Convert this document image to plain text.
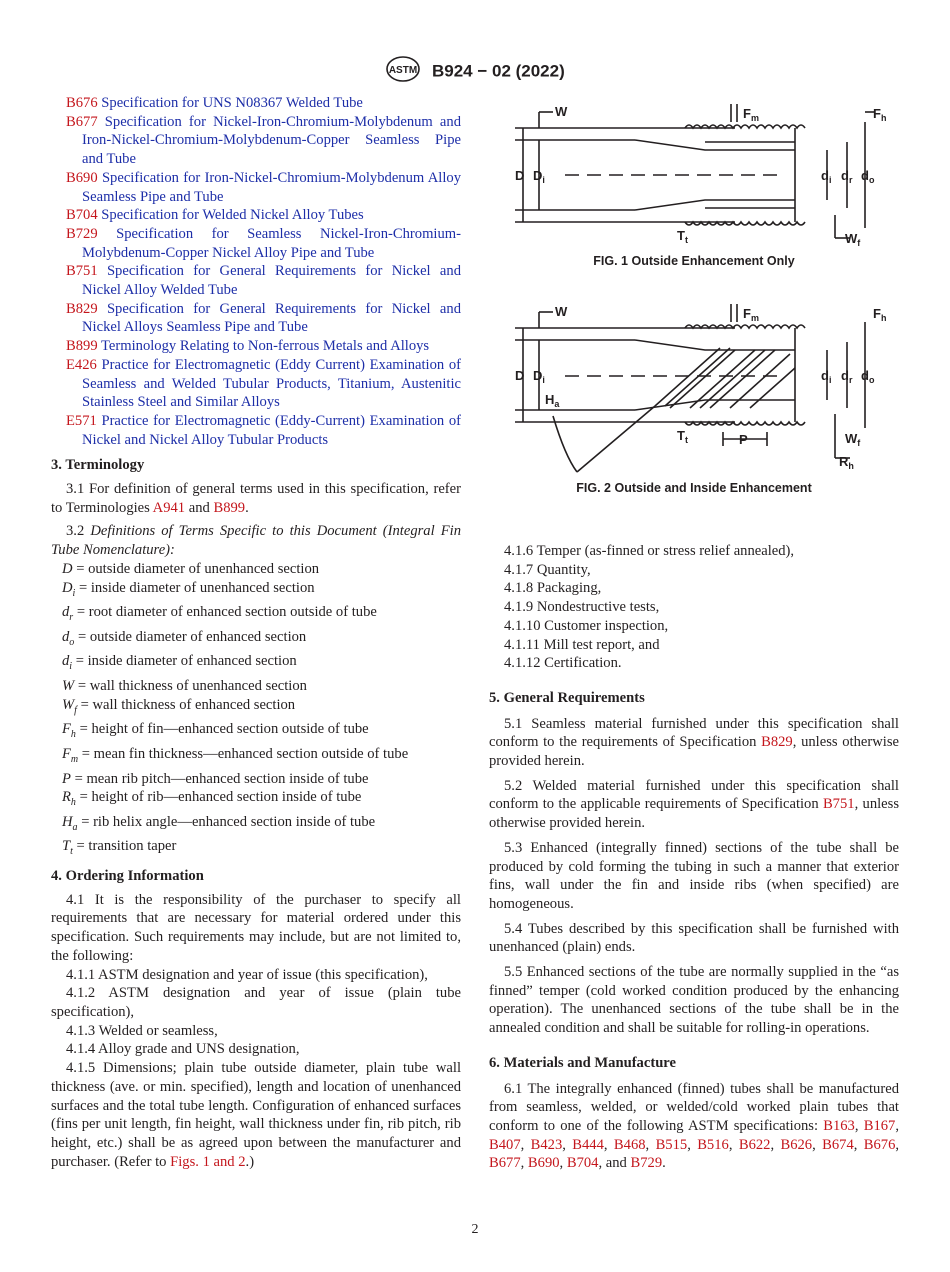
ASTM B924 − 02 (2022)
B676 Specification for UNS N08367 Welded Tube
B677 Specification for Nickel-Iron-Chromium-Molybdenum and Iron-Nickel-Chromium-Molybdenum-Copper Seamless Pipe and Tube
B690 Specification for Iron-Nickel-Chromium-Molybdenum Alloy Seamless Pipe and Tube
B704 Specification for Welded Nickel Alloy Tubes
B729 Specification for Seamless Nickel-Iron-Chromium-Molybdenum-Copper Nickel Alloy Pipe and Tube
B751 Specification for General Requirements for Nickel and Nickel Alloy Welded Tube
B829 Specification for General Requirements for Nickel and Nickel Alloys Seamless Pipe and Tube
B899 Terminology Relating to Non-ferrous Metals and Alloys
E426 Practice for Electromagnetic (Eddy Current) Examination of Seamless and Welded Tubular Products, Titanium, Austenitic Stainless Steel and Similar Alloys
E571 Practice for Electromagnetic (Eddy-Current) Examination of Nickel and Nickel Alloy Tubular Products

3. Terminology

3.1 For definition of general terms used in this specification, refer to Terminologies A941 and B899.

3.2 Definitions of Terms Specific to this Document (Integral Fin Tube Nomenclature):

D = outside diameter of unenhanced section

$D_i$ = inside diameter of unenhanced section

$d_r$ = root diameter of enhanced section outside of tube

$d_o$ = outside diameter of enhanced section

$d_i$ = inside diameter of enhanced section

W = wall thickness of unenhanced section

$W_f$ = wall thickness of enhanced section

$F_h$ = height of fin—enhanced section outside of tube

$F_m$ = mean fin thickness—enhanced section outside of tube

P = mean rib pitch—enhanced section inside of tube

$R_h$ = height of rib—enhanced section inside of tube

$H_a$ = rib helix angle—enhanced section inside of tube

$T_t$ = transition taper

4. Ordering Information

4.1 It is the responsibility of the purchaser to specify all requirements that are necessary for material ordered under this specification. Such requirements may include, but are not limited to, the following:

4.1.1 ASTM designation and year of issue (this specification),

4.1.2 ASTM designation and year of issue (plain tube specification),

4.1.3 Welded or seamless,

4.1.4 Alloy grade and UNS designation,

4.1.5 Dimensions; plain tube outside diameter, plain tube wall thickness (ave. or min. specified), length and location of unenhanced surfaces and the total tube length. Configuration of enhanced surfaces (fins per unit length, fin height, wall thickness under fin, rib pitch, rib height, etc.) shall be as agreed upon between the manufacturer and purchaser. (Refer to Figs. 1 and 2.)

W	$F_m$	$F_h$
D $D_i$	$d_i$ $d_r$ $d_o$
$T_t$	$W_f$
FIG. 1 Outside Enhancement Only
W	$F_m$	$F_h$
D $D_i$
$H_a$
$d_i$ $d_r$ $d_o$
$T_t$	P	$W_f$
$R_h$
FIG. 2 Outside and Inside Enhancement

4.1.6 Temper (as-finned or stress relief annealed),

4.1.7 Quantity,

4.1.8 Packaging,

4.1.9 Nondestructive tests,

4.1.10 Customer inspection,

4.1.11 Mill test report, and

4.1.12 Certification.

5. General Requirements

5.1 Seamless material furnished under this specification shall conform to the requirements of Specification B829, unless otherwise provided herein.

5.2 Welded material furnished under this specification shall conform to the applicable requirements of Specification B751, unless otherwise provided herein.

5.3 Enhanced (integrally finned) sections of the tube shall be produced by cold forming the tubing in such a manner that exterior fins, wall under the fin and inside ribs (when specified) are homogeneous.

5.4 Tubes described by this specification shall be furnished with unenhanced (plain) ends.

5.5 Enhanced sections of the tube are normally supplied in the “as finned” temper (cold worked condition produced by the enhancing operation). The unenhanced sections of the tube shall be in the annealed condition and shall be suitable for rolling-in operations.

6. Materials and Manufacture

6.1 The integrally enhanced (finned) tubes shall be manufactured from seamless, welded, or welded/cold worked plain tubes that conform to one of the following ASTM specifications: B163, B167, B407, B423, B444, B468, B515, B516, B622, B626, B674, B676, B677, B690, B704, and B729.

2
